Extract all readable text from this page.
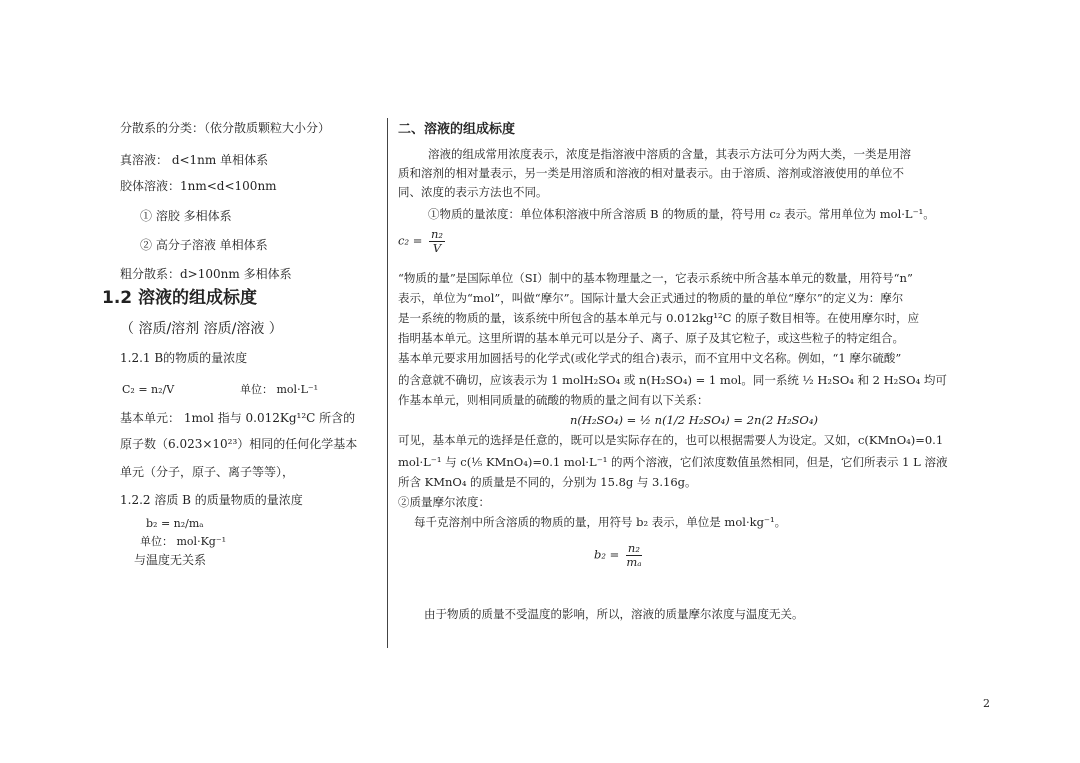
分散系的分类：（依分散质颗粒大小分）
真溶液： d<1nm 单相体系
胶体溶液：1nm<d<100nm
① 溶胶 多相体系
② 高分子溶液 单相体系
粗分散系：d>100nm 多相体系
1.2 溶液的组成标度
（ 溶质/溶剂 溶质/溶液 ）
1.2.1 B的物质的量浓度
C₂ = n₂/V	单位： mol·L⁻¹
基本单元： 1mol 指与 0.012Kg¹²C 所含的
原子数（6.023×10²³）相同的任何化学基本
单元（分子，原子、离子等等），
1.2.2 溶质 B 的质量物质的量浓度
b₂ = n₂/mₐ
单位： mol·Kg⁻¹
与温度无关系
二、溶液的组成标度
溶液的组成常用浓度表示，浓度是指溶液中溶质的含量，其表示方法可分为两大类，一类是用溶
质和溶剂的相对量表示，另一类是用溶质和溶液的相对量表示。由于溶质、溶剂或溶液使用的单位不
同、浓度的表示方法也不同。
①物质的量浓度：单位体积溶液中所含溶质 B 的物质的量，符号用 c₂ 表示。常用单位为 mol·L⁻¹。
$c_2 = \frac{\text{n₂}}{V}$
“物质的量”是国际单位（SI）制中的基本物理量之一，它表示系统中所含基本单元的数量，用符号“n”
表示，单位为“mol”，叫做“摩尔”。国际计量大会正式通过的物质的量的单位“摩尔”的定义为：摩尔
是一系统的物质的量，该系统中所包含的基本单元与 0.012kg¹²C 的原子数目相等。在使用摩尔时，应
指明基本单元。这里所谓的基本单元可以是分子、离子、原子及其它粒子，或这些粒子的特定组合。
基本单元要求用加圆括号的化学式(或化学式的组合)表示，而不宜用中文名称。例如，“1 摩尔硫酸”
的含意就不确切，应该表示为 1 molH₂SO₄ 或 n(H₂SO₄) = 1 mol。同一系统 ½ H₂SO₄ 和 2 H₂SO₄ 均可
作基本单元，则相同质量的硫酸的物质的量之间有以下关系：
n(H₂SO₄) = ½ n(1/2 H₂SO₄) = 2n(2 H₂SO₄)
可见，基本单元的选择是任意的，既可以是实际存在的，也可以根据需要人为设定。又如，c(KMnO₄)=0.1
mol·L⁻¹ 与 c(⅕ KMnO₄)=0.1 mol·L⁻¹ 的两个溶液，它们浓度数值虽然相同，但是，它们所表示 1 L 溶液
所含 KMnO₄ 的质量是不同的，分别为 15.8g 与 3.16g。
②质量摩尔浓度：
每千克溶剂中所含溶质的物质的量，用符号 b₂ 表示，单位是 mol·kg⁻¹。
$b_2 = \frac{\text{n₂}}{\text{mₐ}}$
由于物质的质量不受温度的影响，所以，溶液的质量摩尔浓度与温度无关。
2
